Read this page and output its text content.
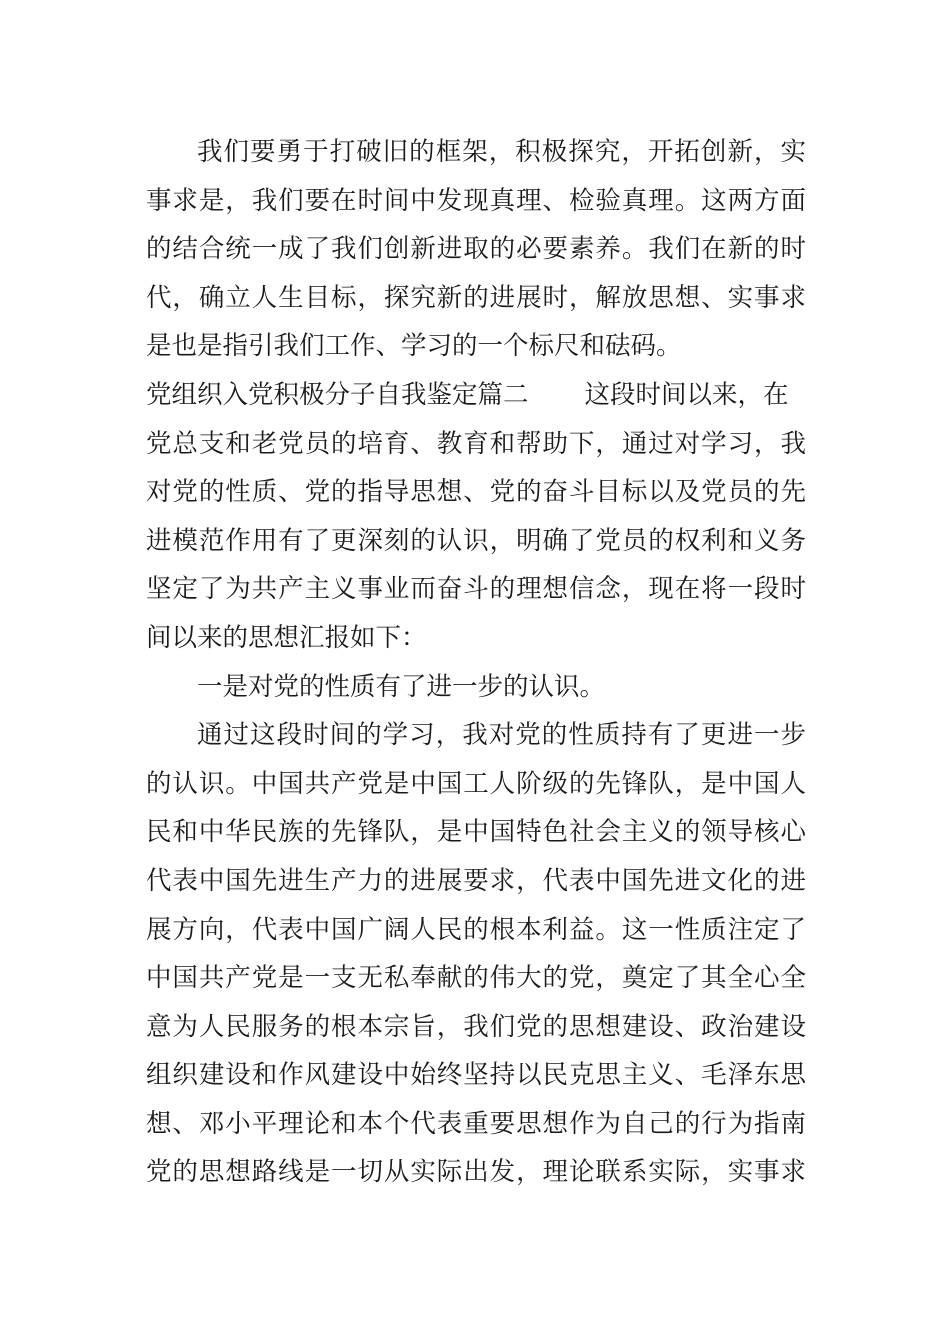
我们要勇于打破旧的框架，积极探究，开拓创新，实
事求是，我们要在时间中发现真理、检验真理。这两方面
的结合统一成了我们创新进取的必要素养。我们在新的时
代，确立人生目标，探究新的进展时，解放思想、实事求
是也是指引我们工作、学习的一个标尺和砝码。
党组织入党积极分子自我鉴定篇二 这段时间以来，在
党总支和老党员的培育、教育和帮助下，通过对学习，我
对党的性质、党的指导思想、党的奋斗目标以及党员的先
进模范作用有了更深刻的认识，明确了党员的权利和义务
坚定了为共产主义事业而奋斗的理想信念，现在将一段时
间以来的思想汇报如下：
一是对党的性质有了进一步的认识。
通过这段时间的学习，我对党的性质持有了更进一步
的认识。中国共产党是中国工人阶级的先锋队，是中国人
民和中华民族的先锋队，是中国特色社会主义的领导核心
代表中国先进生产力的进展要求，代表中国先进文化的进
展方向，代表中国广阔人民的根本利益。这一性质注定了
中国共产党是一支无私奉献的伟大的党，奠定了其全心全
意为人民服务的根本宗旨，我们党的思想建设、政治建设
组织建设和作风建设中始终坚持以民克思主义、毛泽东思
想、邓小平理论和本个代表重要思想作为自己的行为指南
党的思想路线是一切从实际出发，理论联系实际，实事求
